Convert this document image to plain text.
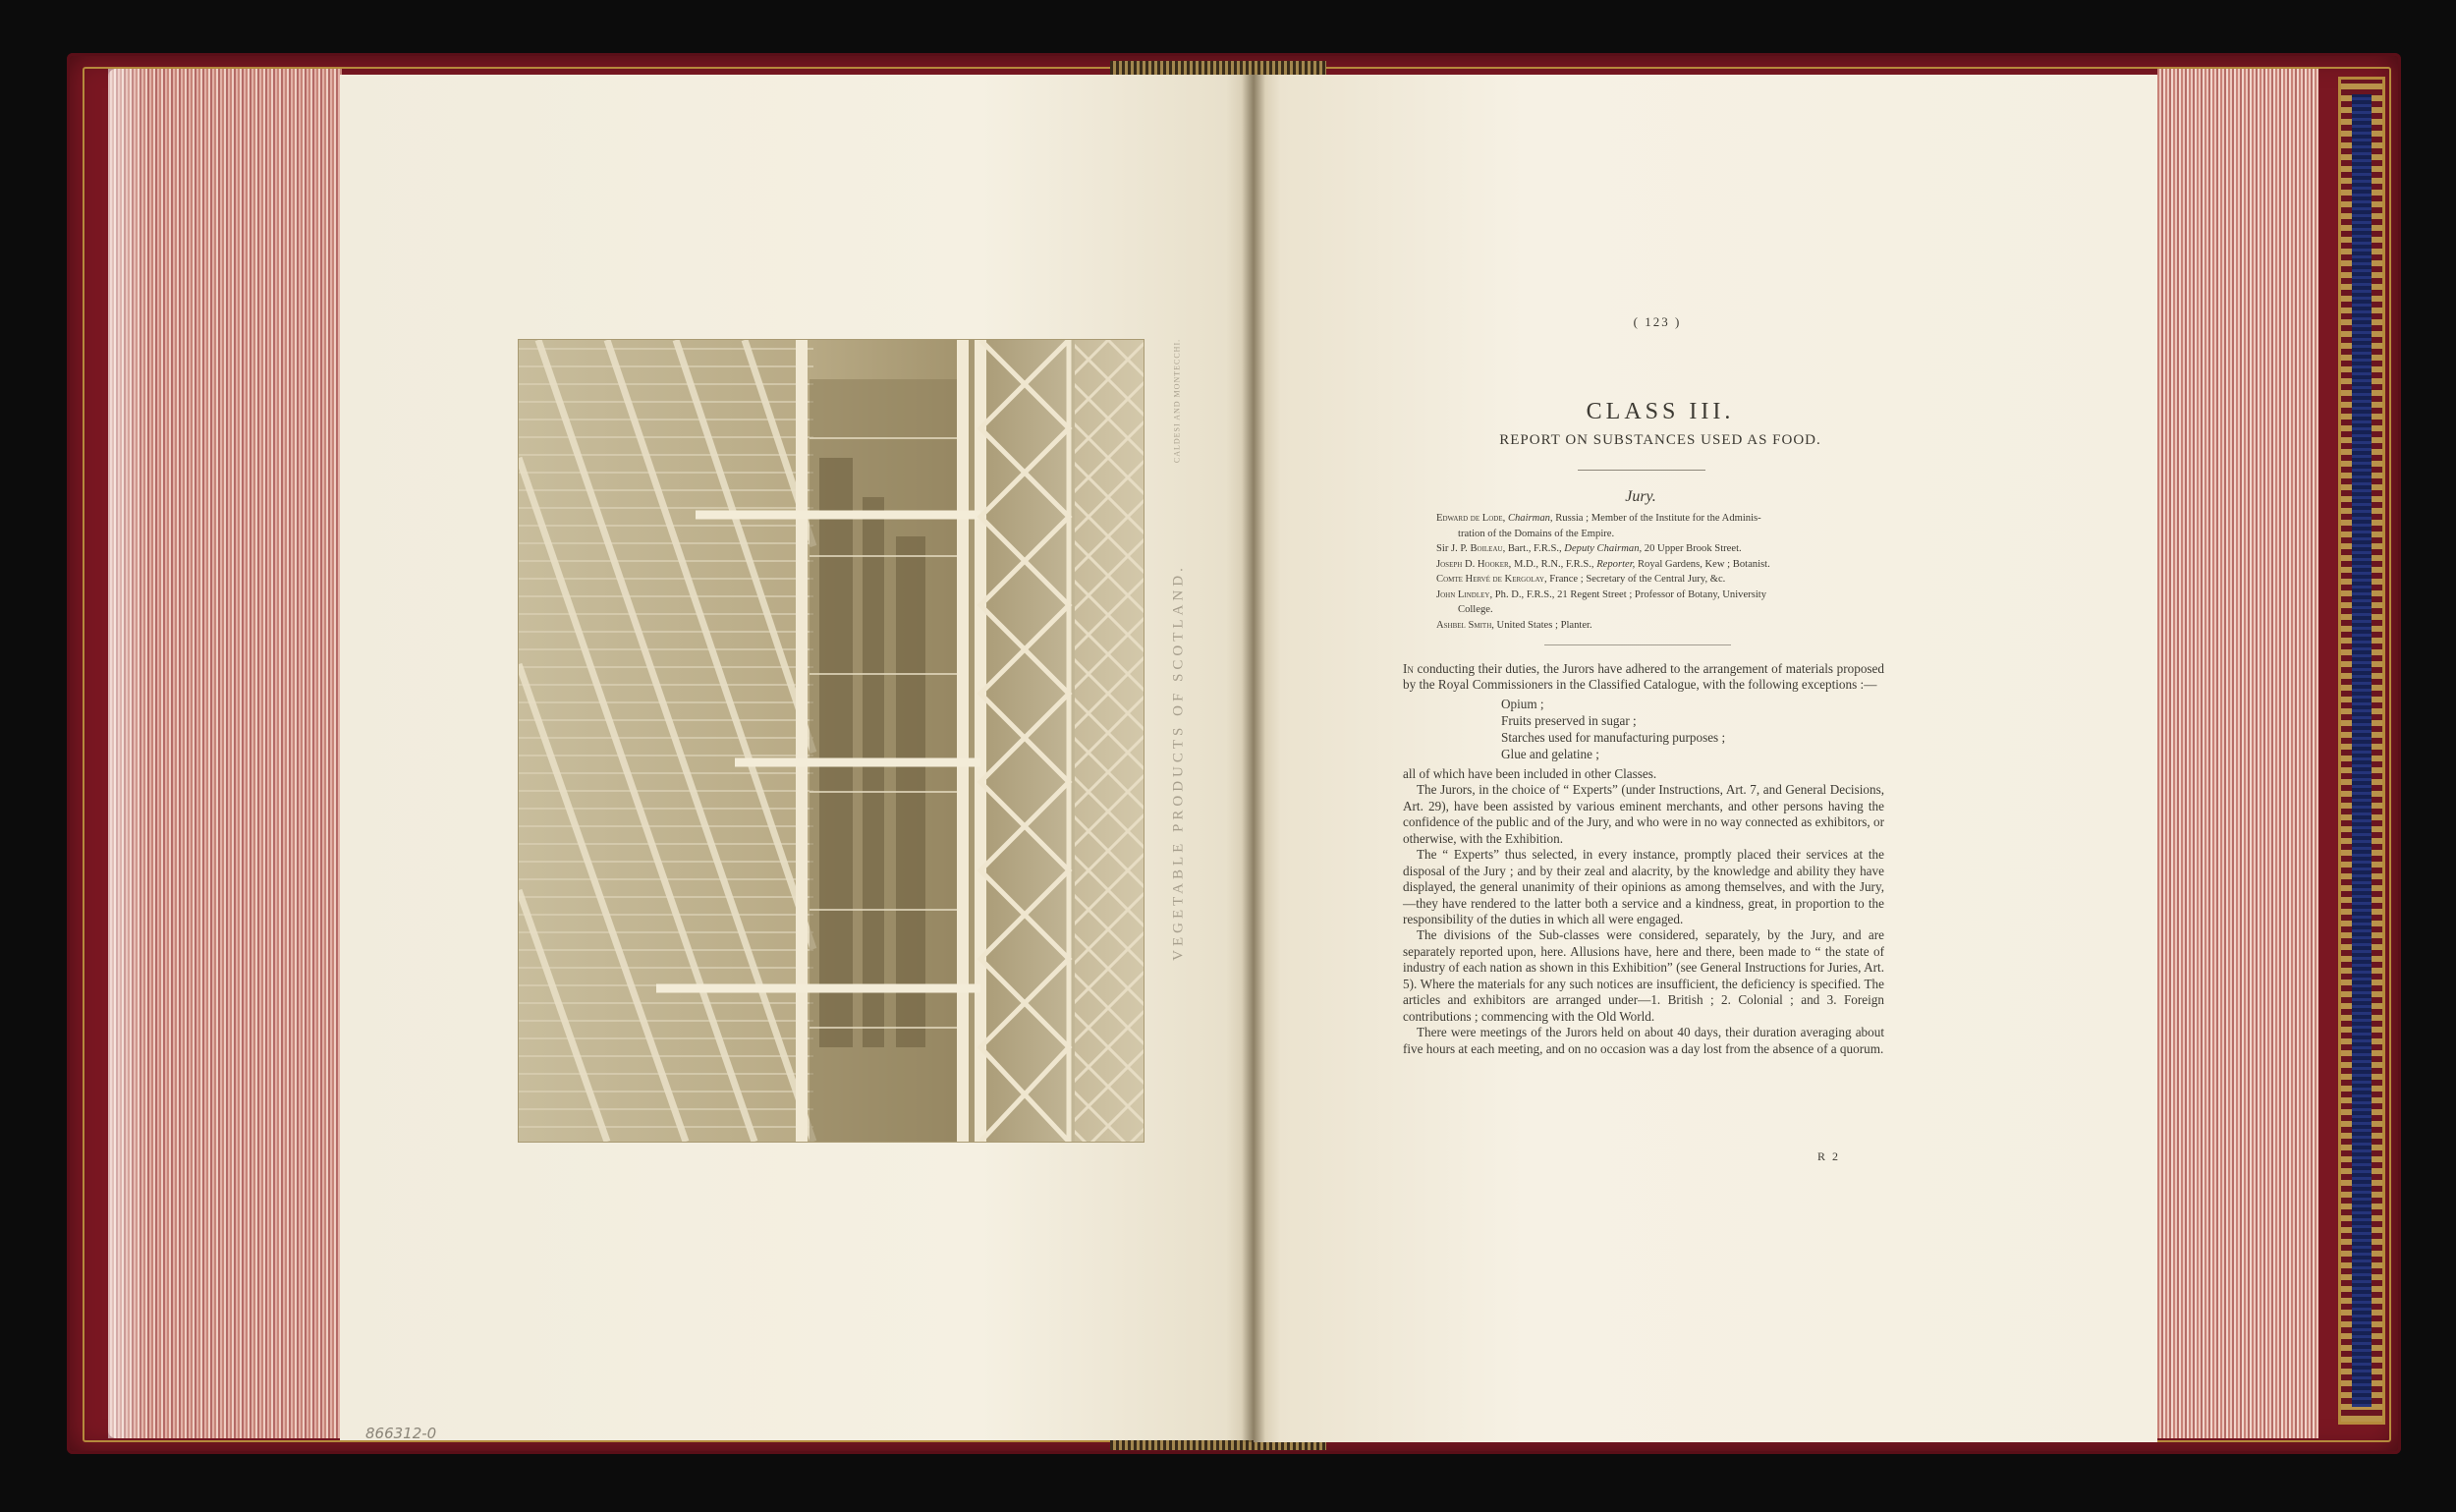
CALDESI AND MONTECCHI.
VEGETABLE PRODUCTS OF SCOTLAND.
866312-0
( 123 )
CLASS III.
REPORT ON SUBSTANCES USED AS FOOD.
Jury.

Edward de Lode, Chairman, Russia ; Member of the Institute for the Adminis-

tration of the Domains of the Empire.

Sir J. P. Boileau, Bart., F.R.S., Deputy Chairman, 20 Upper Brook Street.

Joseph D. Hooker, M.D., R.N., F.R.S., Reporter, Royal Gardens, Kew ; Botanist.

Comte Hervé de Kergolay, France ; Secretary of the Central Jury, &c.

John Lindley, Ph. D., F.R.S., 21 Regent Street ; Professor of Botany, University

College.

Ashbel Smith, United States ; Planter.

In conducting their duties, the Jurors have adhered to the arrangement of materials proposed by the Royal Commissioners in the Classified Catalogue, with the following exceptions :—

Opium ;
Fruits preserved in sugar ;
Starches used for manufacturing purposes ;
Glue and gelatine ;

all of which have been included in other Classes.

The Jurors, in the choice of “ Experts” (under Instructions, Art. 7, and General Decisions, Art. 29), have been assisted by various eminent merchants, and other persons having the confidence of the public and of the Jury, and who were in no way connected as exhibitors, or otherwise, with the Exhibition.

The “ Experts” thus selected, in every instance, promptly placed their services at the disposal of the Jury ; and by their zeal and alacrity, by the knowledge and ability they have displayed, the general unanimity of their opinions as among themselves, and with the Jury,—they have rendered to the latter both a service and a kindness, great, in proportion to the responsibility of the duties in which all were engaged.

The divisions of the Sub-classes were considered, separately, by the Jury, and are separately reported upon, here. Allusions have, here and there, been made to “ the state of industry of each nation as shown in this Exhibition” (see General Instructions for Juries, Art. 5). Where the materials for any such notices are insufficient, the deficiency is specified. The articles and exhibitors are arranged under—1. British ; 2. Colonial ; and 3. Foreign contributions ; commencing with the Old World.

There were meetings of the Jurors held on about 40 days, their duration averaging about five hours at each meeting, and on no occasion was a day lost from the absence of a quorum.

R 2
